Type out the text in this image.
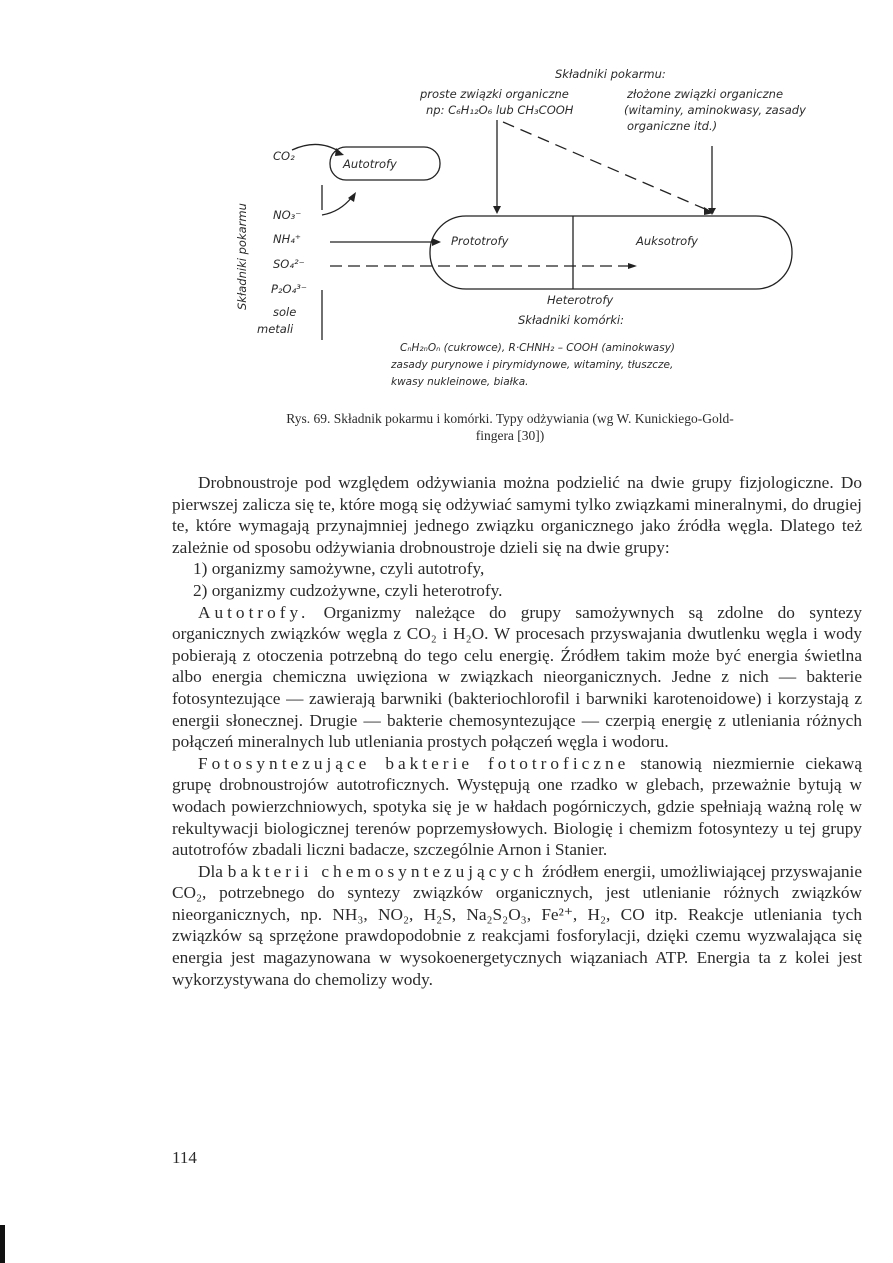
Składniki pokarmu:
proste związki organiczne
np: C₆H₁₂O₆ lub CH₃COOH
złożone związki organiczne
(witaminy, aminokwasy, zasady
organiczne itd.)
CO₂
Autotrofy
Składniki pokarmu NO₃⁻
NH₄⁺
SO₄²⁻
P₂O₄³⁻
sole
metali
Prototrofy	Auksotrofy
Heterotrofy
Składniki komórki:
CₙH₂ₙOₙ (cukrowce), R·CHNH₂ – COOH (aminokwasy)
zasady purynowe i pirymidynowe, witaminy, tłuszcze,
kwasy nukleinowe, białka.
Rys. 69. Składnik pokarmu i komórki. Typy odżywiania (wg W. Kunickiego-Gold-
fingera [30])

Drobnoustroje pod względem odżywiania można podzielić na dwie grupy fizjologiczne. Do pierwszej zalicza się te, które mogą się odżywiać samymi tylko związkami mineralnymi, do drugiej te, które wymagają przynajmniej jednego związku organicznego jako źródła węgla. Dlatego też zależnie od sposobu odżywiania drobnoustroje dzieli się na dwie grupy:

1) organizmy samożywne, czyli autotrofy,

2) organizmy cudzożywne, czyli heterotrofy.

Autotrofy. Organizmy należące do grupy samożywnych są zdolne do syntezy organicznych związków węgla z CO₂ i H₂O. W procesach przyswajania dwutlenku węgla i wody pobierają z otoczenia potrzebną do tego celu energię. Źródłem takim może być energia świetlna albo energia chemiczna uwięziona w związkach nieorganicznych. Jedne z nich — bakterie fotosyntezujące — zawierają barwniki (bakteriochlorofil i barwniki karotenoidowe) i korzystają z energii słonecznej. Drugie — bakterie chemosyntezujące — czerpią energię z utleniania różnych połączeń mineralnych lub utleniania prostych połączeń węgla i wodoru.

Fotosyntezujące bakterie fototroficzne stanowią niezmiernie ciekawą grupę drobnoustrojów autotroficznych. Występują one rzadko w glebach, przeważnie bytują w wodach powierzchniowych, spotyka się je w hałdach pogórniczych, gdzie spełniają ważną rolę w rekultywacji biologicznej terenów poprzemysłowych. Biologię i chemizm fotosyntezy u tej grupy autotrofów zbadali liczni badacze, szczególnie Arnon i Stanier.

Dla bakterii chemosyntezujących źródłem energii, umożliwiającej przyswajanie CO₂, potrzebnego do syntezy związków organicznych, jest utlenianie różnych związków nieorganicznych, np. NH₃, NO₂, H₂S, Na₂S₂O₃, Fe²⁺, H₂, CO itp. Reakcje utleniania tych związków są sprzężone prawdopodobnie z reakcjami fosforylacji, dzięki czemu wyzwalająca się energia jest magazynowana w wysokoenergetycznych wiązaniach ATP. Energia ta z kolei jest wykorzystywana do chemolizy wody.

114
